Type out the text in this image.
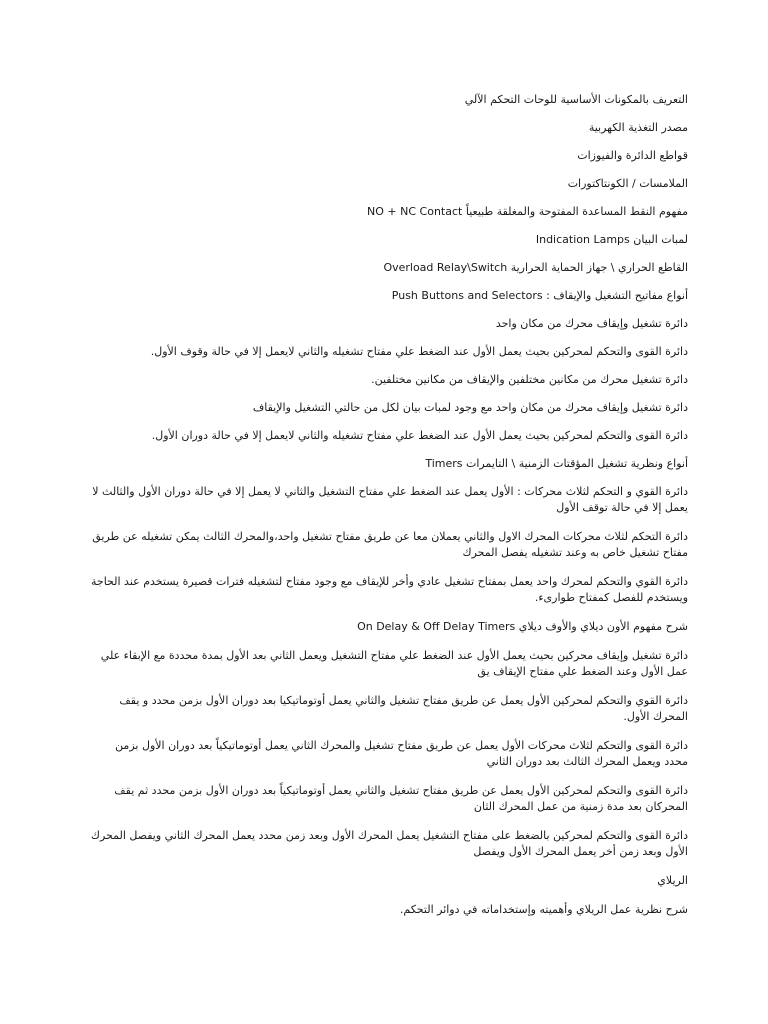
التعريف بالمكونات الأساسية للوحات التحكم الآلي

مصدر التغذية الكهربية

قواطع الدائرة والفيوزات

الملامسات / الكونتاكتورات

مفهوم النقط المساعدة المفتوحة والمغلقة طبيعياً NO + NC Contact

لمبات البيان Indication Lamps

القاطع الحراري \ جهاز الحماية الحرارية Overload Relay\Switch

أنواع مفاتيح التشغيل والإيقاف : Push Buttons and Selectors

دائرة تشغيل وإيقاف محرك من مكان واحد

دائرة القوى والتحكم لمحركين بحيث يعمل الأول عند الضغط علي مفتاح تشغيله والثاني لايعمل إلا في حالة وقوف الأول.

دائرة تشغيل محرك من مكانين مختلفين والإيقاف من مكانين مختلفين.

دائرة تشغيل وإيقاف محرك من مكان واحد مع وجود لمبات بيان لكل من حالتي التشغيل والإيقاف

دائرة القوى والتحكم لمحركين بحيث يعمل الأول عند الضغط علي مفتاح تشغيله والثاني لايعمل إلا في حالة دوران الأول.

أنواع ونظرية تشغيل المؤقتات الزمنية \ التايمرات Timers

دائرة القوي و التحكم لثلاث محركات : الأول يعمل عند الضغط علي مفتاح التشغيل والثاني لا يعمل إلا في حالة دوران الأول والثالث لا يعمل إلا في حالة توقف الأول

دائرة التحكم لثلاث محركات المحرك الاول والثاني يعملان معا عن طريق مفتاح تشغيل واحد،والمحرك الثالث يمكن تشغيله عن طريق مفتاح تشغيل خاص به وعند تشغيله يفصل المحرك

دائرة القوي والتحكم لمحرك واحد يعمل بمفتاح تشغيل عادي وأخر للإيقاف مع وجود مفتاح لتشغيله فترات قصيرة يستخدم عند الحاجة ويستخدم للفصل كمفتاح طوارىء.

شرح مفهوم الأون ديلاي والأوف ديلاي On Delay & Off Delay Timers

دائرة تشغيل وإيقاف محركين بحيث يعمل الأول عند الضغط علي مفتاح التشغيل ويعمل الثاني بعد الأول بمدة محددة مع الإبقاء علي عمل الأول وعند الضغط علي مفتاح الإيقاف يق

دائرة القوي والتحكم لمحركين الأول يعمل عن طريق مفتاح تشغيل والثاني يعمل أوتوماتيكيا بعد دوران الأول بزمن محدد و يقف المحرك الأول.

دائرة القوى والتحكم لثلاث محركات الأول يعمل عن طريق مفتاح تشغيل والمحرك الثاني يعمل أوتوماتيكياً بعد دوران الأول بزمن محدد ويعمل المحرك الثالث بعد دوران الثاني

دائرة القوى والتحكم لمحركين الأول يعمل عن طريق مفتاح تشغيل والثاني يعمل أوتوماتيكياً بعد دوران الأول بزمن محدد ثم يقف المحركان بعد مدة زمنية من عمل المحرك الثان

دائرة القوى والتحكم لمحركين بالضغط على مفتاح التشغيل يعمل المحرك الأول وبعد زمن محدد يعمل المحرك الثاني ويفصل المحرك الأول وبعد زمن أخر يعمل المحرك الأول ويفصل

الريلاي

شرح نظرية عمل الريلاي وأهميته وإستخداماته في دوائر التحكم.
